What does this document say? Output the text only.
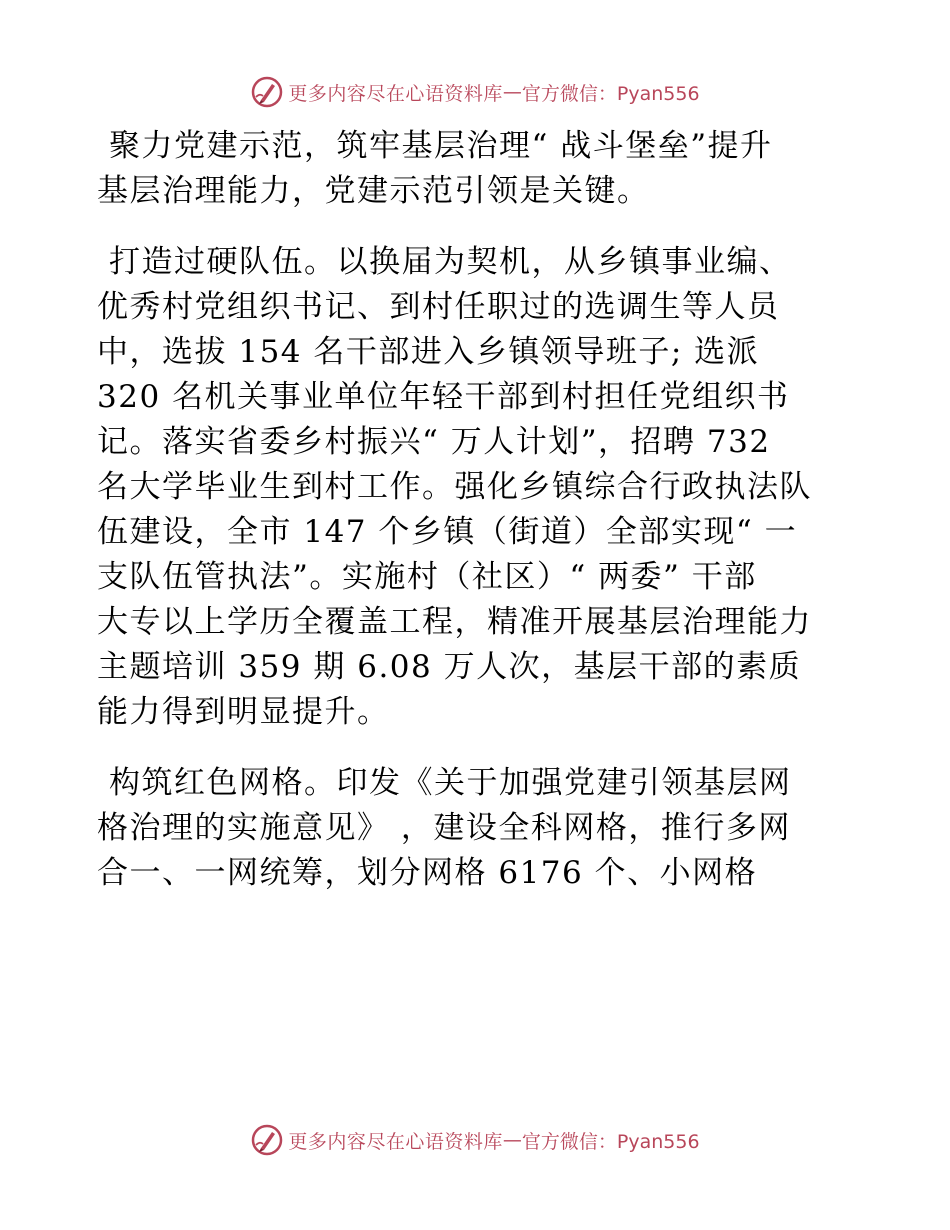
更多内容尽在心语资料库 — 官方微信：Pyan556

聚力党建示范，筑牢基层治理“ 战斗堡垒”提升
基层治理能力，党建示范引领是关键。

打造过硬队伍。以换届为契机，从乡镇事业编、
优秀村党组织书记、到村任职过的选调生等人员
中，选拔 154 名干部进入乡镇领导班子; 选派
320 名机关事业单位年轻干部到村担任党组织书
记。落实省委乡村振兴“ 万人计划”，招聘 732
名大学毕业生到村工作。强化乡镇综合行政执法队
伍建设，全市 147 个乡镇（街道）全部实现“ 一
支队伍管执法”。实施村（社区）“ 两委” 干部
大专以上学历全覆盖工程，精准开展基层治理能力
主题培训 359 期 6.08 万人次，基层干部的素质
能力得到明显提升。

构筑红色网格。印发《关于加强党建引领基层网
格治理的实施意见》 ，建设全科网格，推行多网
合一、一网统筹，划分网格 6176 个、小网格

更多内容尽在心语资料库 — 官方微信：Pyan556
